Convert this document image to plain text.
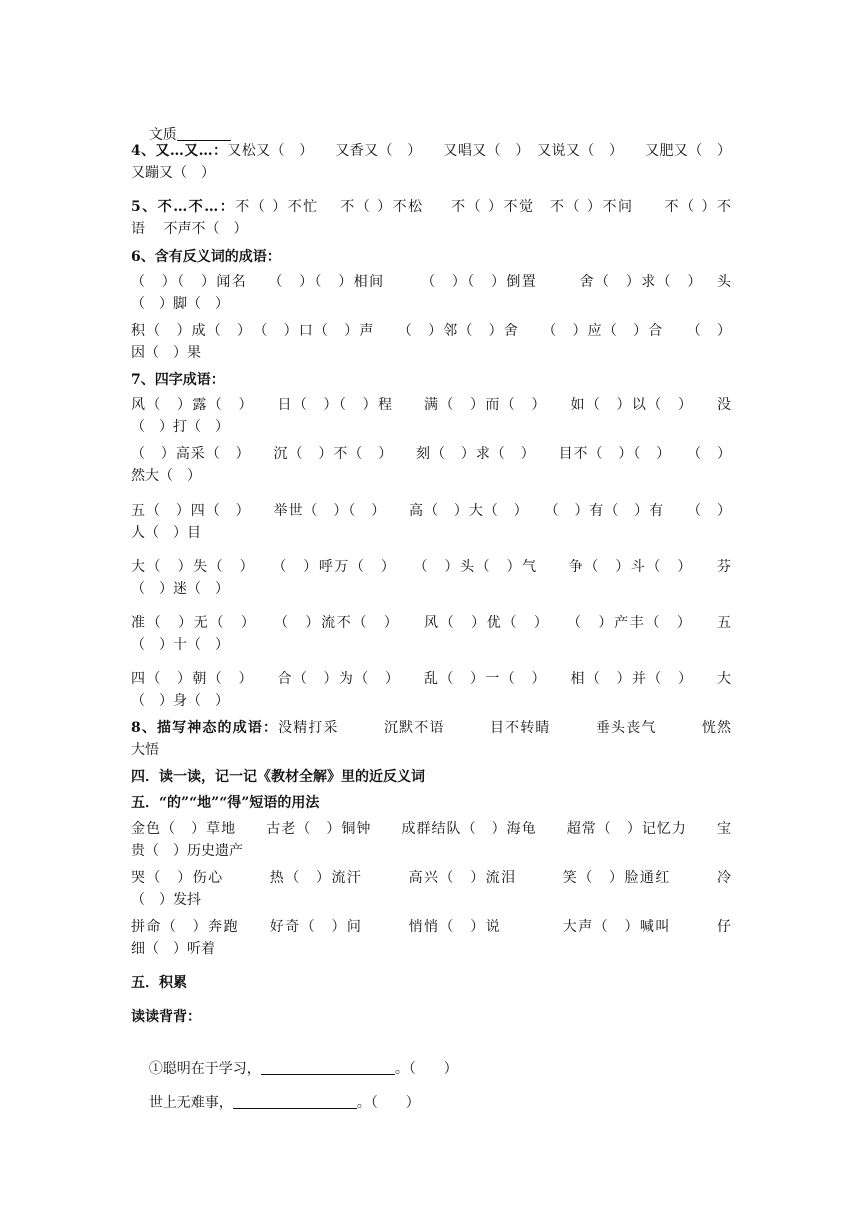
文质

4、又…又…：又松又（　）　　又香又（　）　　又唱又（　）　又说又（　）　　又肥又（　）
又蹦又（　）
5、不…不…：不（ ）不忙　 不（ ）不松 　 不（ ）不觉　不（ ）不问　　不（ ）不
语　 不声不（　）
6、含有反义词的成语：
（　）（　）闻名　 （　）（　）相间　　 （　）（　）倒置 　　 舍（　）求（　）　 头
（　）脚（　）
积（　）成（　）　（　）口（　）声　　（　）邻（　）舍　　（　）应（　）合　　（　）
因（　）果
7、四字成语：
风（　）露（　）　　日（　）（　）程　　满（　）而（　）　　如（　）以（　）　　没
（　）打（　）
（　）高采（　）　　沉（　）不（　）　　刻（　）求（　）　　目不（　）（　）　　（　）
然大（　）
五（　）四（　）　　举世（　）（　）　　高（　）大（　）　　（　）有（　）有　　（　）
人（　）目
大（　）失（　）　　（　）呼万（　）　　（　）头（　）气　　争（　）斗（　）　　芬
（　）迷（　）
准（　）无（　）　　（　）流不（　）　　风（　）优（　）　　（　）产丰（　）　　五
（　）十（　）
四（　）朝（　）　　合（　）为（　）　　乱（　）一（　）　　相（　）并（　）　　大
（　）身（　）
8、描写神态的成语：没精打采　　　沉默不语　　　目不转睛　　　垂头丧气　　　恍然
大悟
四．读一读，记一记《教材全解》里的近反义词
五．“的”“地”“得”短语的用法
金色（　）草地　　古老（　）铜钟　　成群结队（　）海龟　　超常（　）记忆力　　宝
贵（　）历史遗产
哭（　）伤心　　　热（　）流汗　　　高兴（　）流泪　　　笑（　）脸通红　　　冷
（　）发抖
拼命（　）奔跑　　好奇（　）问　　　悄悄（　）说　　　　大声（　）喊叫　　　仔
细（　）听着
五．积累
读读背背：

①聪明在于学习，	。（　　）

世上无难事，	。（　　）
